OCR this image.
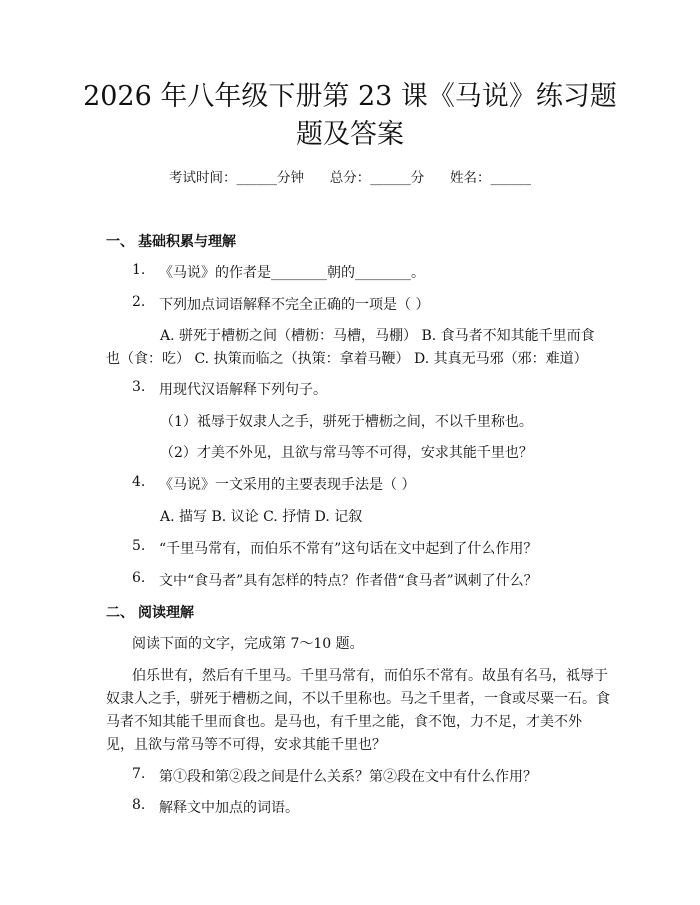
2026 年八年级下册第 23 课《马说》练习题
题及答案
考试时间：______分钟      总分：______分      姓名：______
一、 基础积累与理解
1. 《马说》的作者是________朝的________。
2. 下列加点词语解释不完全正确的一项是（ ）
A. 骈死于槽枥之间（槽枥：马槽，马棚） B. 食马者不知其能千里而食
也（食：吃） C. 执策而临之（执策：拿着马鞭） D. 其真无马邪（邪：难道）
3. 用现代汉语解释下列句子。
（1）祗辱于奴隶人之手，骈死于槽枥之间，不以千里称也。
（2）才美不外见，且欲与常马等不可得，安求其能千里也？
4. 《马说》一文采用的主要表现手法是（ ）
A. 描写 B. 议论 C. 抒情 D. 记叙
5. “千里马常有，而伯乐不常有”这句话在文中起到了什么作用？
6. 文中“食马者”具有怎样的特点？作者借“食马者”讽刺了什么？
二、 阅读理解
阅读下面的文字，完成第 7～10 题。
伯乐世有，然后有千里马。千里马常有，而伯乐不常有。故虽有名马，祗辱于
奴隶人之手，骈死于槽枥之间，不以千里称也。马之千里者，一食或尽粟一石。食
马者不知其能千里而食也。是马也，有千里之能，食不饱，力不足，才美不外
见，且欲与常马等不可得，安求其能千里也？
7. 第①段和第②段之间是什么关系？第②段在文中有什么作用？
8. 解释文中加点的词语。
